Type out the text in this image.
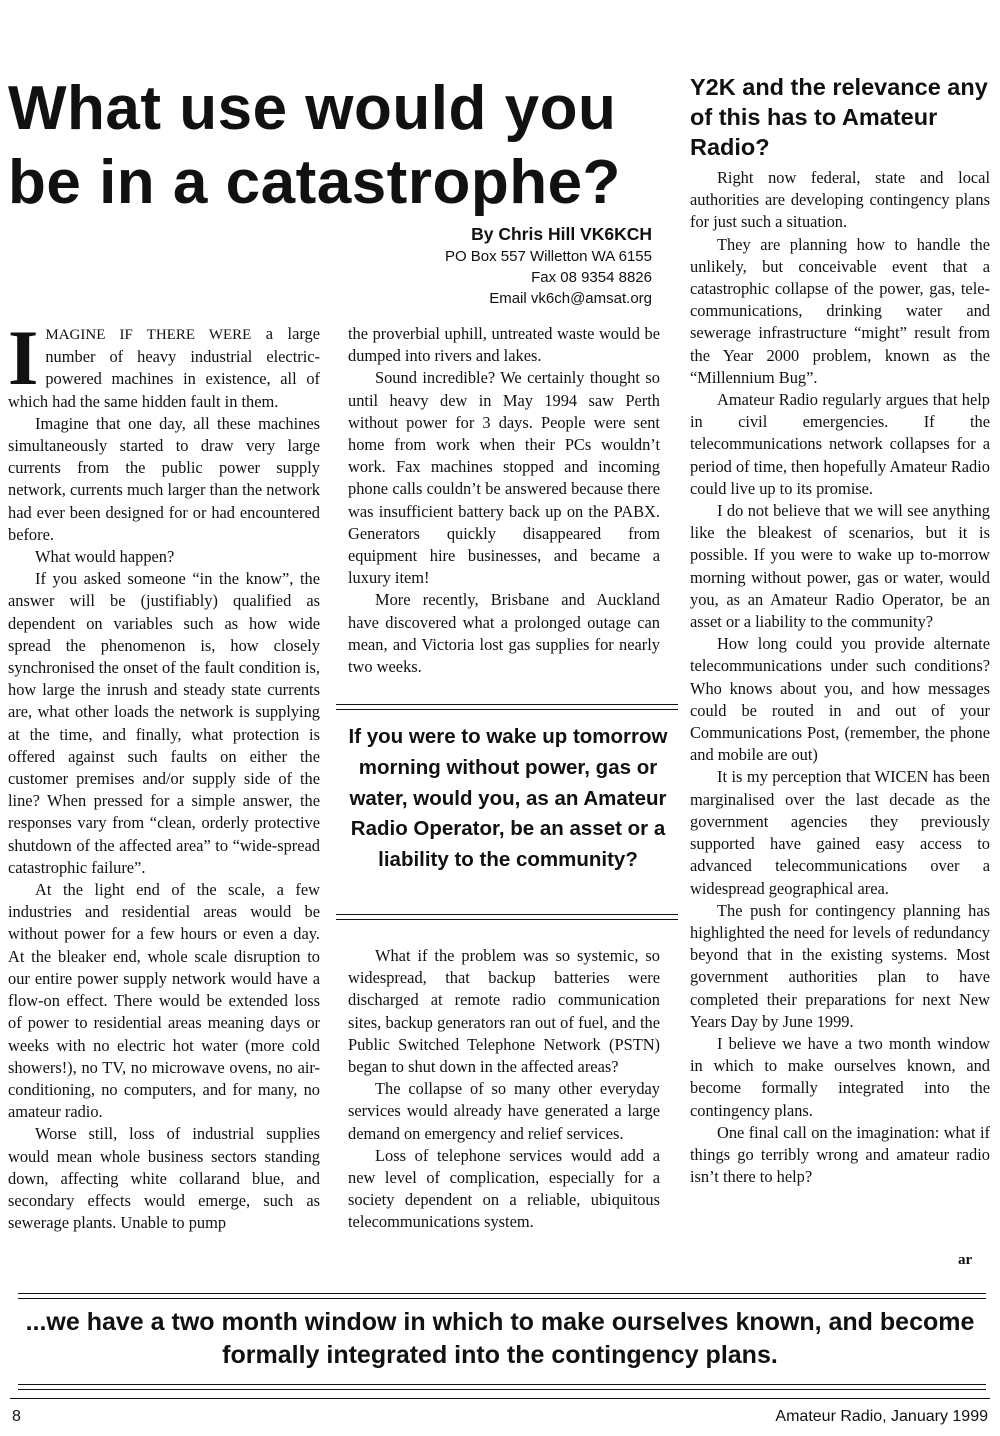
What use would you be in a catastrophe?
By Chris Hill VK6KCH
PO Box 557 Willetton WA 6155
Fax 08 9354 8826
Email vk6ch@amsat.org

IMAGINE IF THERE WERE a large number of heavy industrial electric-powered machines in existence, all of which had the same hidden fault in them.

Imagine that one day, all these machines simultaneously started to draw very large currents from the public power supply network, currents much larger than the network had ever been designed for or had encountered before.

What would happen?

If you asked someone “in the know”, the answer will be (justifiably) qualified as dependent on variables such as how wide spread the phenomenon is, how closely synchronised the onset of the fault condition is, how large the inrush and steady state currents are, what other loads the network is supplying at the time, and finally, what protection is offered against such faults on either the customer premises and/or supply side of the line? When pressed for a simple answer, the responses vary from “clean, orderly protective shutdown of the affected area” to “wide-spread catastrophic failure”.

At the light end of the scale, a few industries and residential areas would be without power for a few hours or even a day. At the bleaker end, whole scale disruption to our entire power supply network would have a flow-on effect. There would be extended loss of power to residential areas meaning days or weeks with no electric hot water (more cold showers!), no TV, no microwave ovens, no air-conditioning, no computers, and for many, no amateur radio.

Worse still, loss of industrial supplies would mean whole business sectors standing down, affecting white collarand blue, and secondary effects would emerge, such as sewerage plants. Unable to pump

the proverbial uphill, untreated waste would be dumped into rivers and lakes.

Sound incredible? We certainly thought so until heavy dew in May 1994 saw Perth without power for 3 days. People were sent home from work when their PCs wouldn’t work. Fax machines stopped and incoming phone calls couldn’t be answered because there was insufficient battery back up on the PABX. Generators quickly disappeared from equipment hire businesses, and became a luxury item!

More recently, Brisbane and Auckland have discovered what a prolonged outage can mean, and Victoria lost gas supplies for nearly two weeks.

If you were to wake up tomorrow morning without power, gas or water, would you, as an Amateur Radio Operator, be an asset or a liability to the community?

What if the problem was so systemic, so widespread, that backup batteries were discharged at remote radio communication sites, backup generators ran out of fuel, and the Public Switched Telephone Network (PSTN) began to shut down in the affected areas?

The collapse of so many other everyday services would already have generated a large demand on emergency and relief services.

Loss of telephone services would add a new level of complication, especially for a society dependent on a reliable, ubiquitous telecommunications system.

Y2K and the relevance any of this has to Amateur Radio?

Right now federal, state and local authorities are developing contingency plans for just such a situation.

They are planning how to handle the unlikely, but conceivable event that a catastrophic collapse of the power, gas, tele-communications, drinking water and sewerage infrastructure “might” result from the Year 2000 problem, known as the “Millennium Bug”.

Amateur Radio regularly argues that help in civil emergencies. If the telecommunications network collapses for a period of time, then hopefully Amateur Radio could live up to its promise.

I do not believe that we will see anything like the bleakest of scenarios, but it is possible. If you were to wake up to-morrow morning without power, gas or water, would you, as an Amateur Radio Operator, be an asset or a liability to the community?

How long could you provide alternate telecommunications under such conditions? Who knows about you, and how messages could be routed in and out of your Communications Post, (remember, the phone and mobile are out)

It is my perception that WICEN has been marginalised over the last decade as the government agencies they previously supported have gained easy access to advanced telecommunications over a widespread geographical area.

The push for contingency planning has highlighted the need for levels of redundancy beyond that in the existing systems. Most government authorities plan to have completed their preparations for next New Years Day by June 1999.

I believe we have a two month window in which to make ourselves known, and become formally integrated into the contingency plans.

One final call on the imagination: what if things go terribly wrong and amateur radio isn’t there to help?

ar
...we have a two month window in which to make ourselves known, and become formally integrated into the contingency plans.
8	Amateur Radio, January 1999
